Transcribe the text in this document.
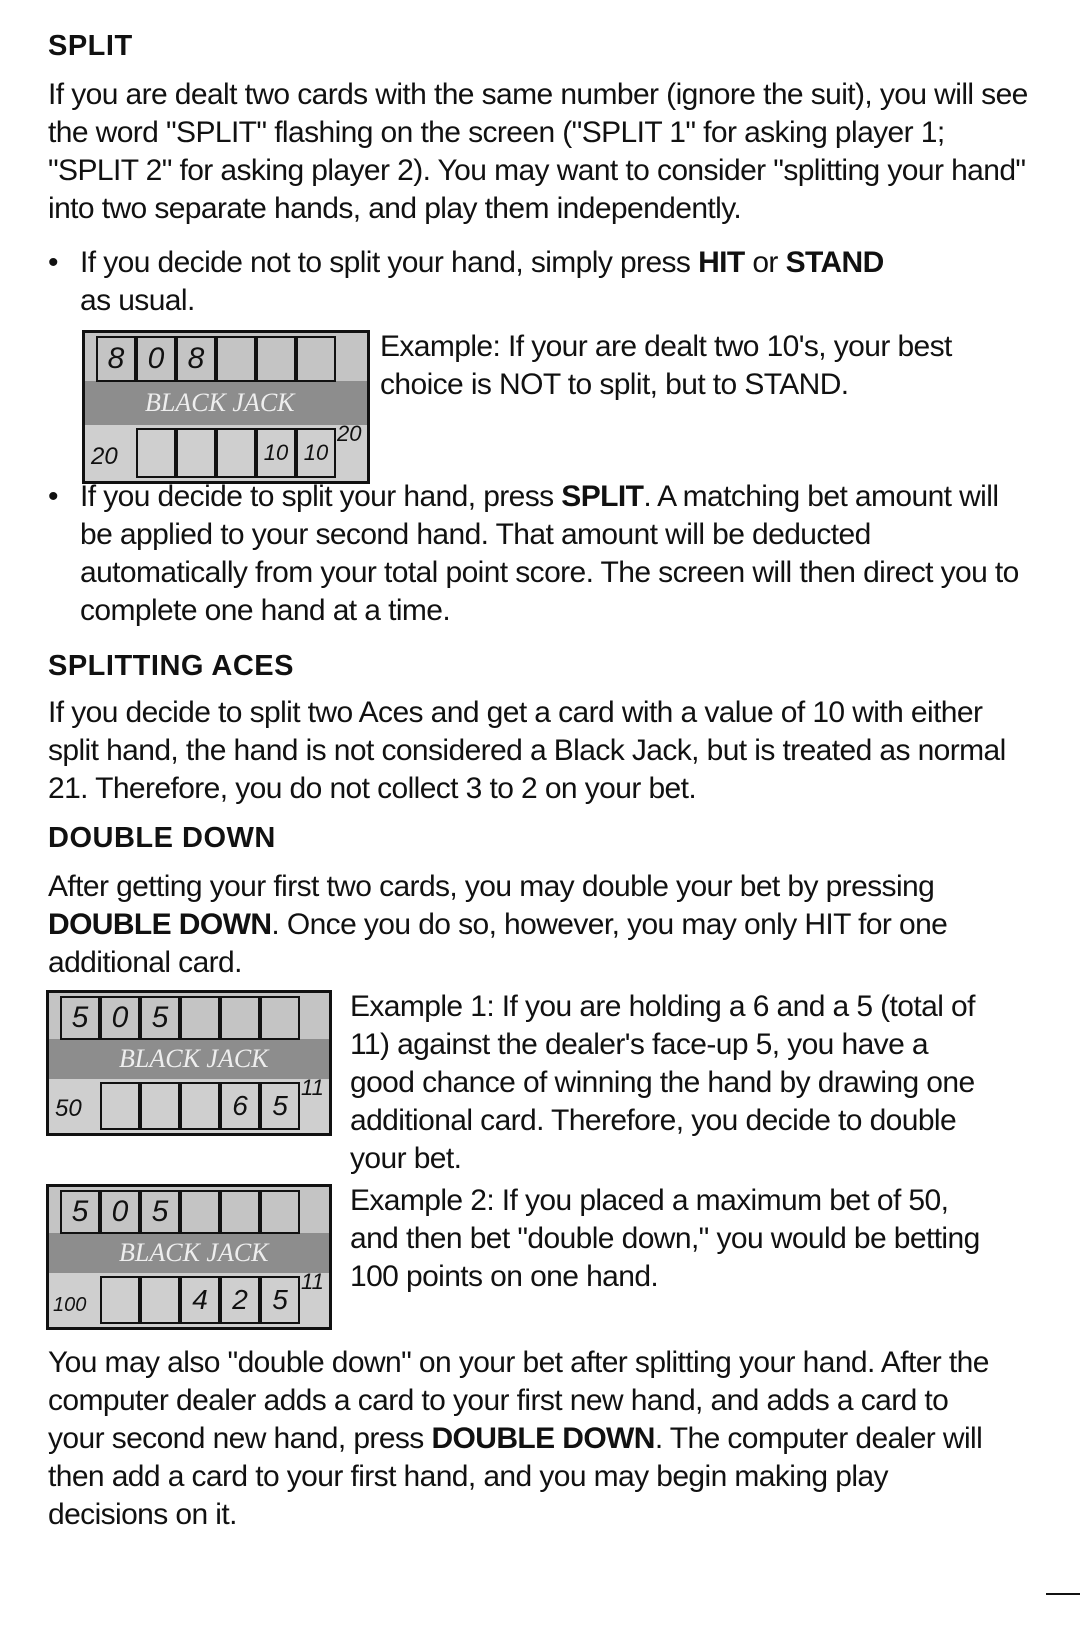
SPLIT
If you are dealt two cards with the same number (ignore the suit), you will see the word "SPLIT" flashing on the screen ("SPLIT 1" for asking player 1; "SPLIT 2" for asking player 2). You may want to consider "splitting your hand" into two separate hands, and play them independently.
• If you decide not to split your hand, simply press HIT or STAND as usual.
8 0 8
BLACK JACK
20	10 10
20
Example: If your are dealt two 10's, your best choice is NOT to split, but to STAND.
• If you decide to split your hand, press SPLIT. A matching bet amount will be applied to your second hand. That amount will be deducted automatically from your total point score. The screen will then direct you to complete one hand at a time.
SPLITTING ACES
If you decide to split two Aces and get a card with a value of 10 with either split hand, the hand is not considered a Black Jack, but is treated as normal 21. Therefore, you do not collect 3 to 2 on your bet.
DOUBLE DOWN
After getting your first two cards, you may double your bet by pressing DOUBLE DOWN. Once you do so, however, you may only HIT for one additional card.
5 0 5
BLACK JACK
50	6 5
11
Example 1: If you are holding a 6 and a 5 (total of 11) against the dealer's face-up 5, you have a good chance of winning the hand by drawing one additional card. Therefore, you decide to double your bet.
5 0 5
BLACK JACK
100	4 2 5
11
Example 2: If you placed a maximum bet of 50, and then bet "double down," you would be betting 100 points on one hand.
You may also "double down" on your bet after splitting your hand. After the computer dealer adds a card to your first new hand, and adds a card to your second new hand, press DOUBLE DOWN. The computer dealer will then add a card to your first hand, and you may begin making play decisions on it.
